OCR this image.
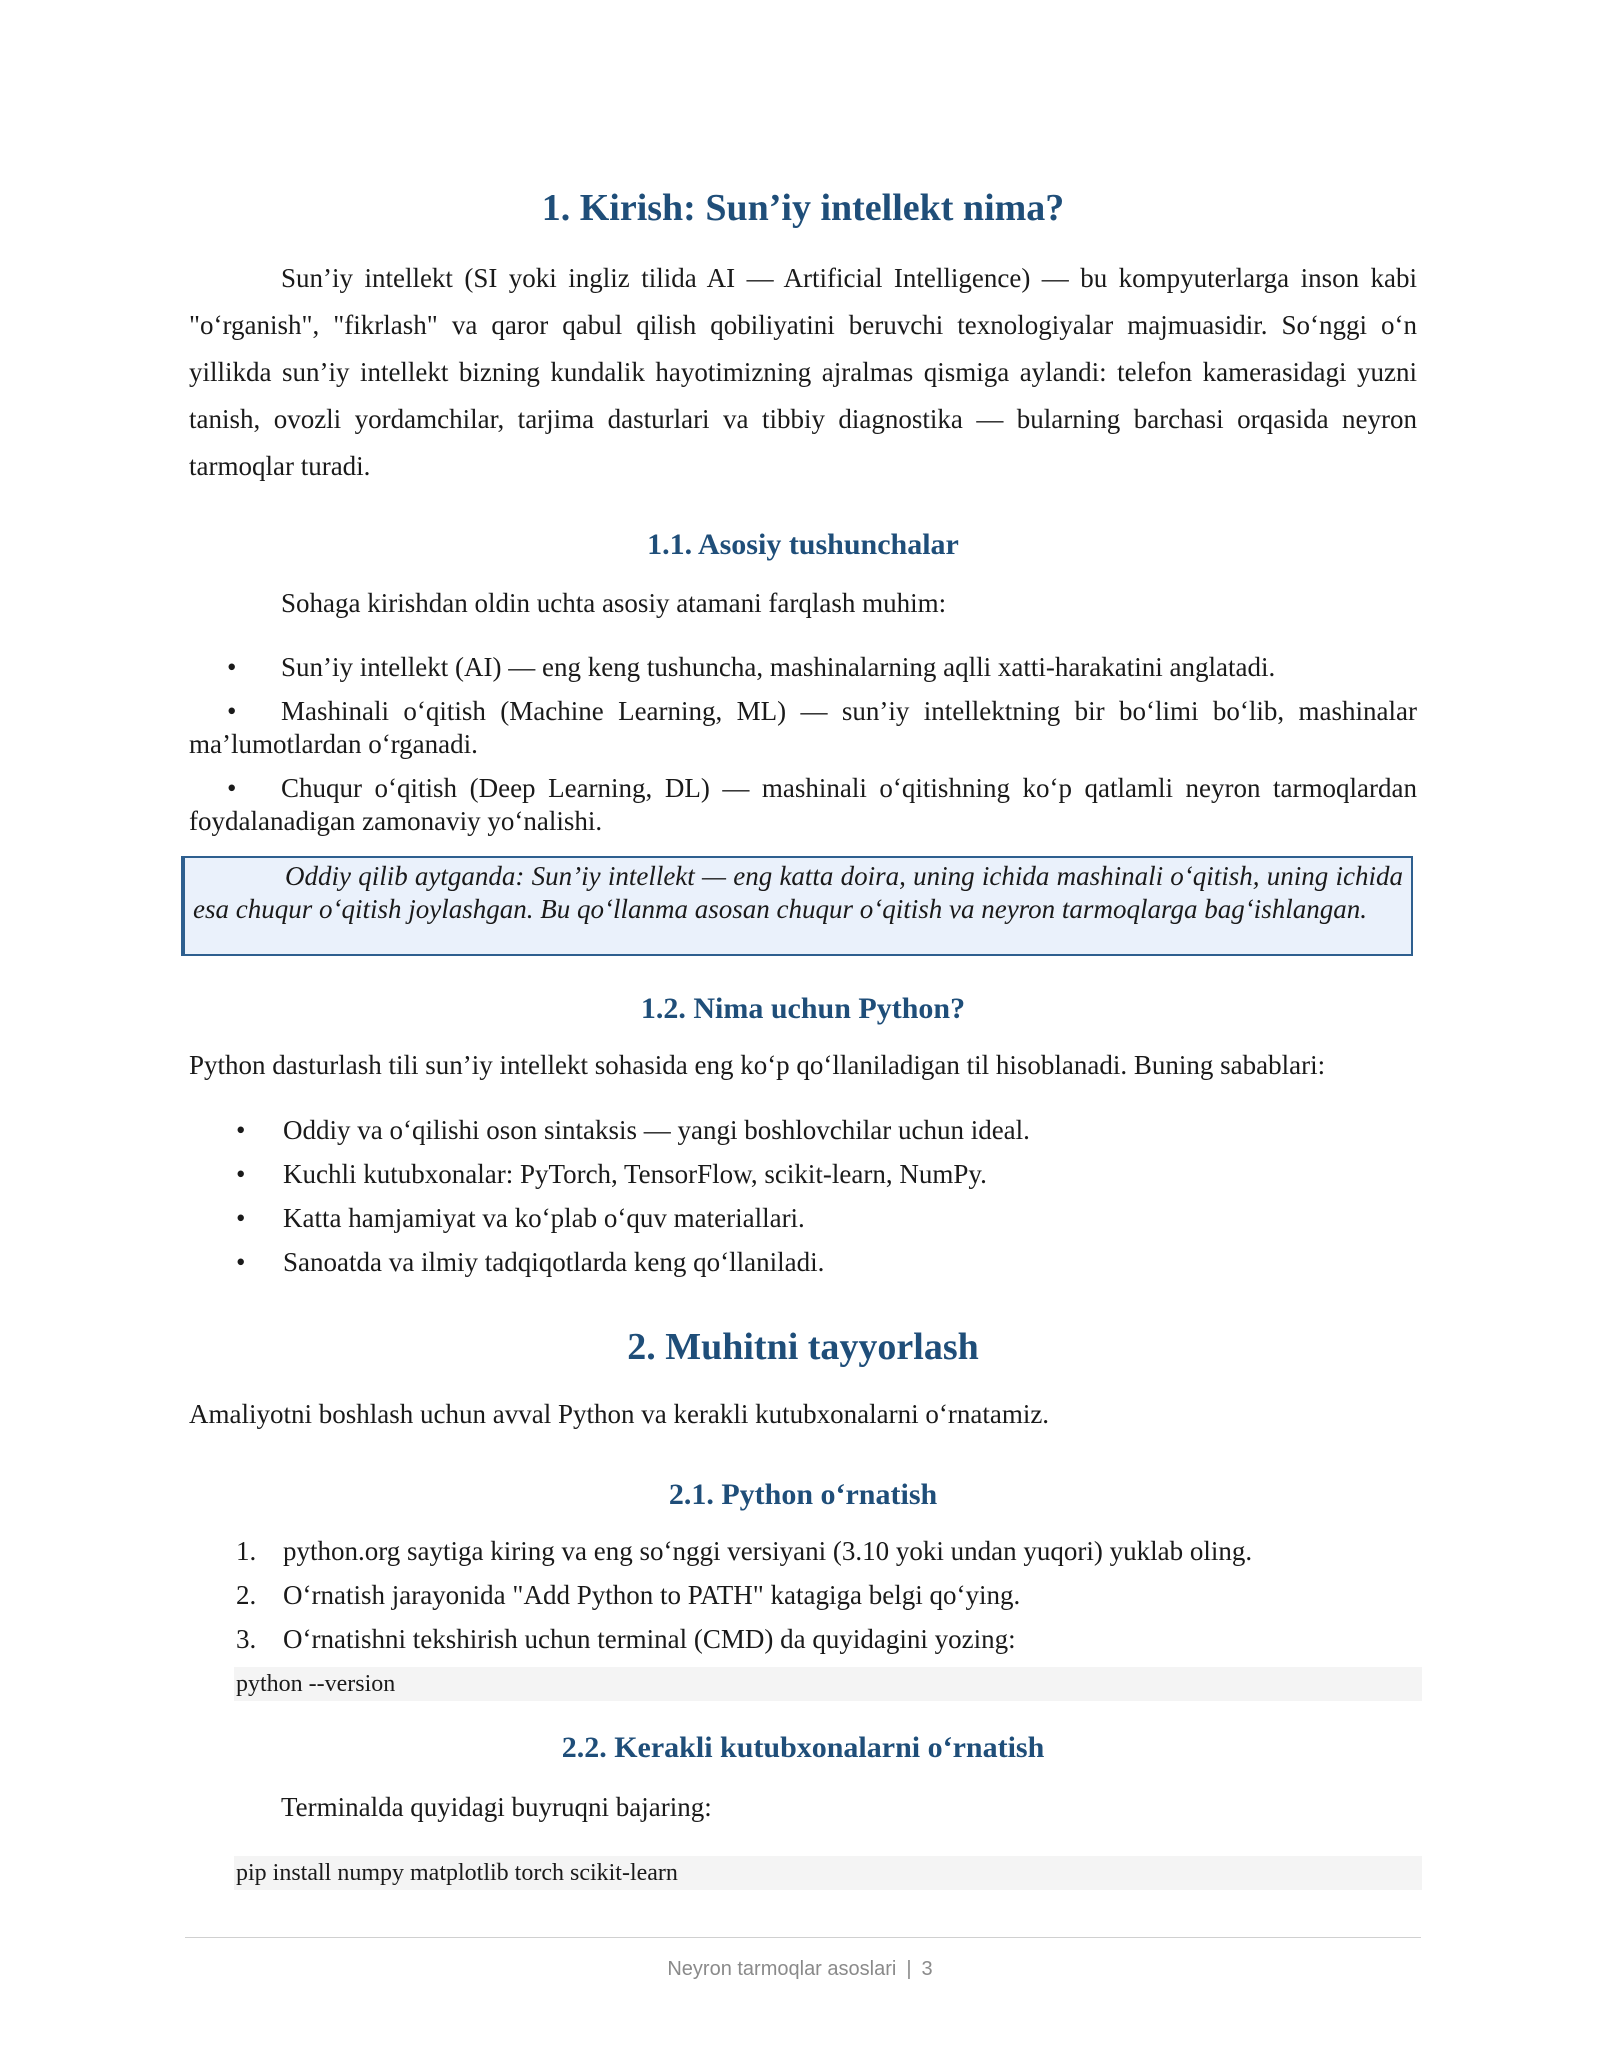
1. Kirish: Sun’iy intellekt nima?

Sun’iy intellekt (SI yoki ingliz tilida AI — Artificial Intelligence) — bu kompyuterlarga inson kabi "o‘rganish", "fikrlash" va qaror qabul qilish qobiliyatini beruvchi texnologiyalar majmuasidir. So‘nggi o‘n yillikda sun’iy intellekt bizning kundalik hayotimizning ajralmas qismiga aylandi: telefon kamerasidagi yuzni tanish, ovozli yordamchilar, tarjima dasturlari va tibbiy diagnostika — bularning barchasi orqasida neyron tarmoqlar turadi.

1.1. Asosiy tushunchalar

Sohaga kirishdan oldin uchta asosiy atamani farqlash muhim:

•	Sun’iy intellekt (AI) — eng keng tushuncha, mashinalarning aqlli xatti-harakatini anglatadi.
•	Mashinali o‘qitish (Machine Learning, ML) — sun’iy intellektning bir bo‘limi bo‘lib, mashinalar ma’lumotlardan o‘rganadi.
•	Chuqur o‘qitish (Deep Learning, DL) — mashinali o‘qitishning ko‘p qatlamli neyron tarmoqlardan foydalanadigan zamonaviy yo‘nalishi.
Oddiy qilib aytganda: Sun’iy intellekt — eng katta doira, uning ichida mashinali o‘qitish, uning ichida esa chuqur o‘qitish joylashgan. Bu qo‘llanma asosan chuqur o‘qitish va neyron tarmoqlarga bag‘ishlangan.
1.2. Nima uchun Python?

Python dasturlash tili sun’iy intellekt sohasida eng ko‘p qo‘llaniladigan til hisoblanadi. Buning sabablari:

• Oddiy va o‘qilishi oson sintaksis — yangi boshlovchilar uchun ideal.
• Kuchli kutubxonalar: PyTorch, TensorFlow, scikit-learn, NumPy.
• Katta hamjamiyat va ko‘plab o‘quv materiallari.
• Sanoatda va ilmiy tadqiqotlarda keng qo‘llaniladi.
2. Muhitni tayyorlash

Amaliyotni boshlash uchun avval Python va kerakli kutubxonalarni o‘rnatamiz.

2.1. Python o‘rnatish
1. python.org saytiga kiring va eng so‘nggi versiyani (3.10 yoki undan yuqori) yuklab oling.
2. O‘rnatish jarayonida "Add Python to PATH" katagiga belgi qo‘ying.
3. O‘rnatishni tekshirish uchun terminal (CMD) da quyidagini yozing:
python --version
2.2. Kerakli kutubxonalarni o‘rnatish

Terminalda quyidagi buyruqni bajaring:

pip install numpy matplotlib torch scikit-learn
Neyron tarmoqlar asoslari | 3
